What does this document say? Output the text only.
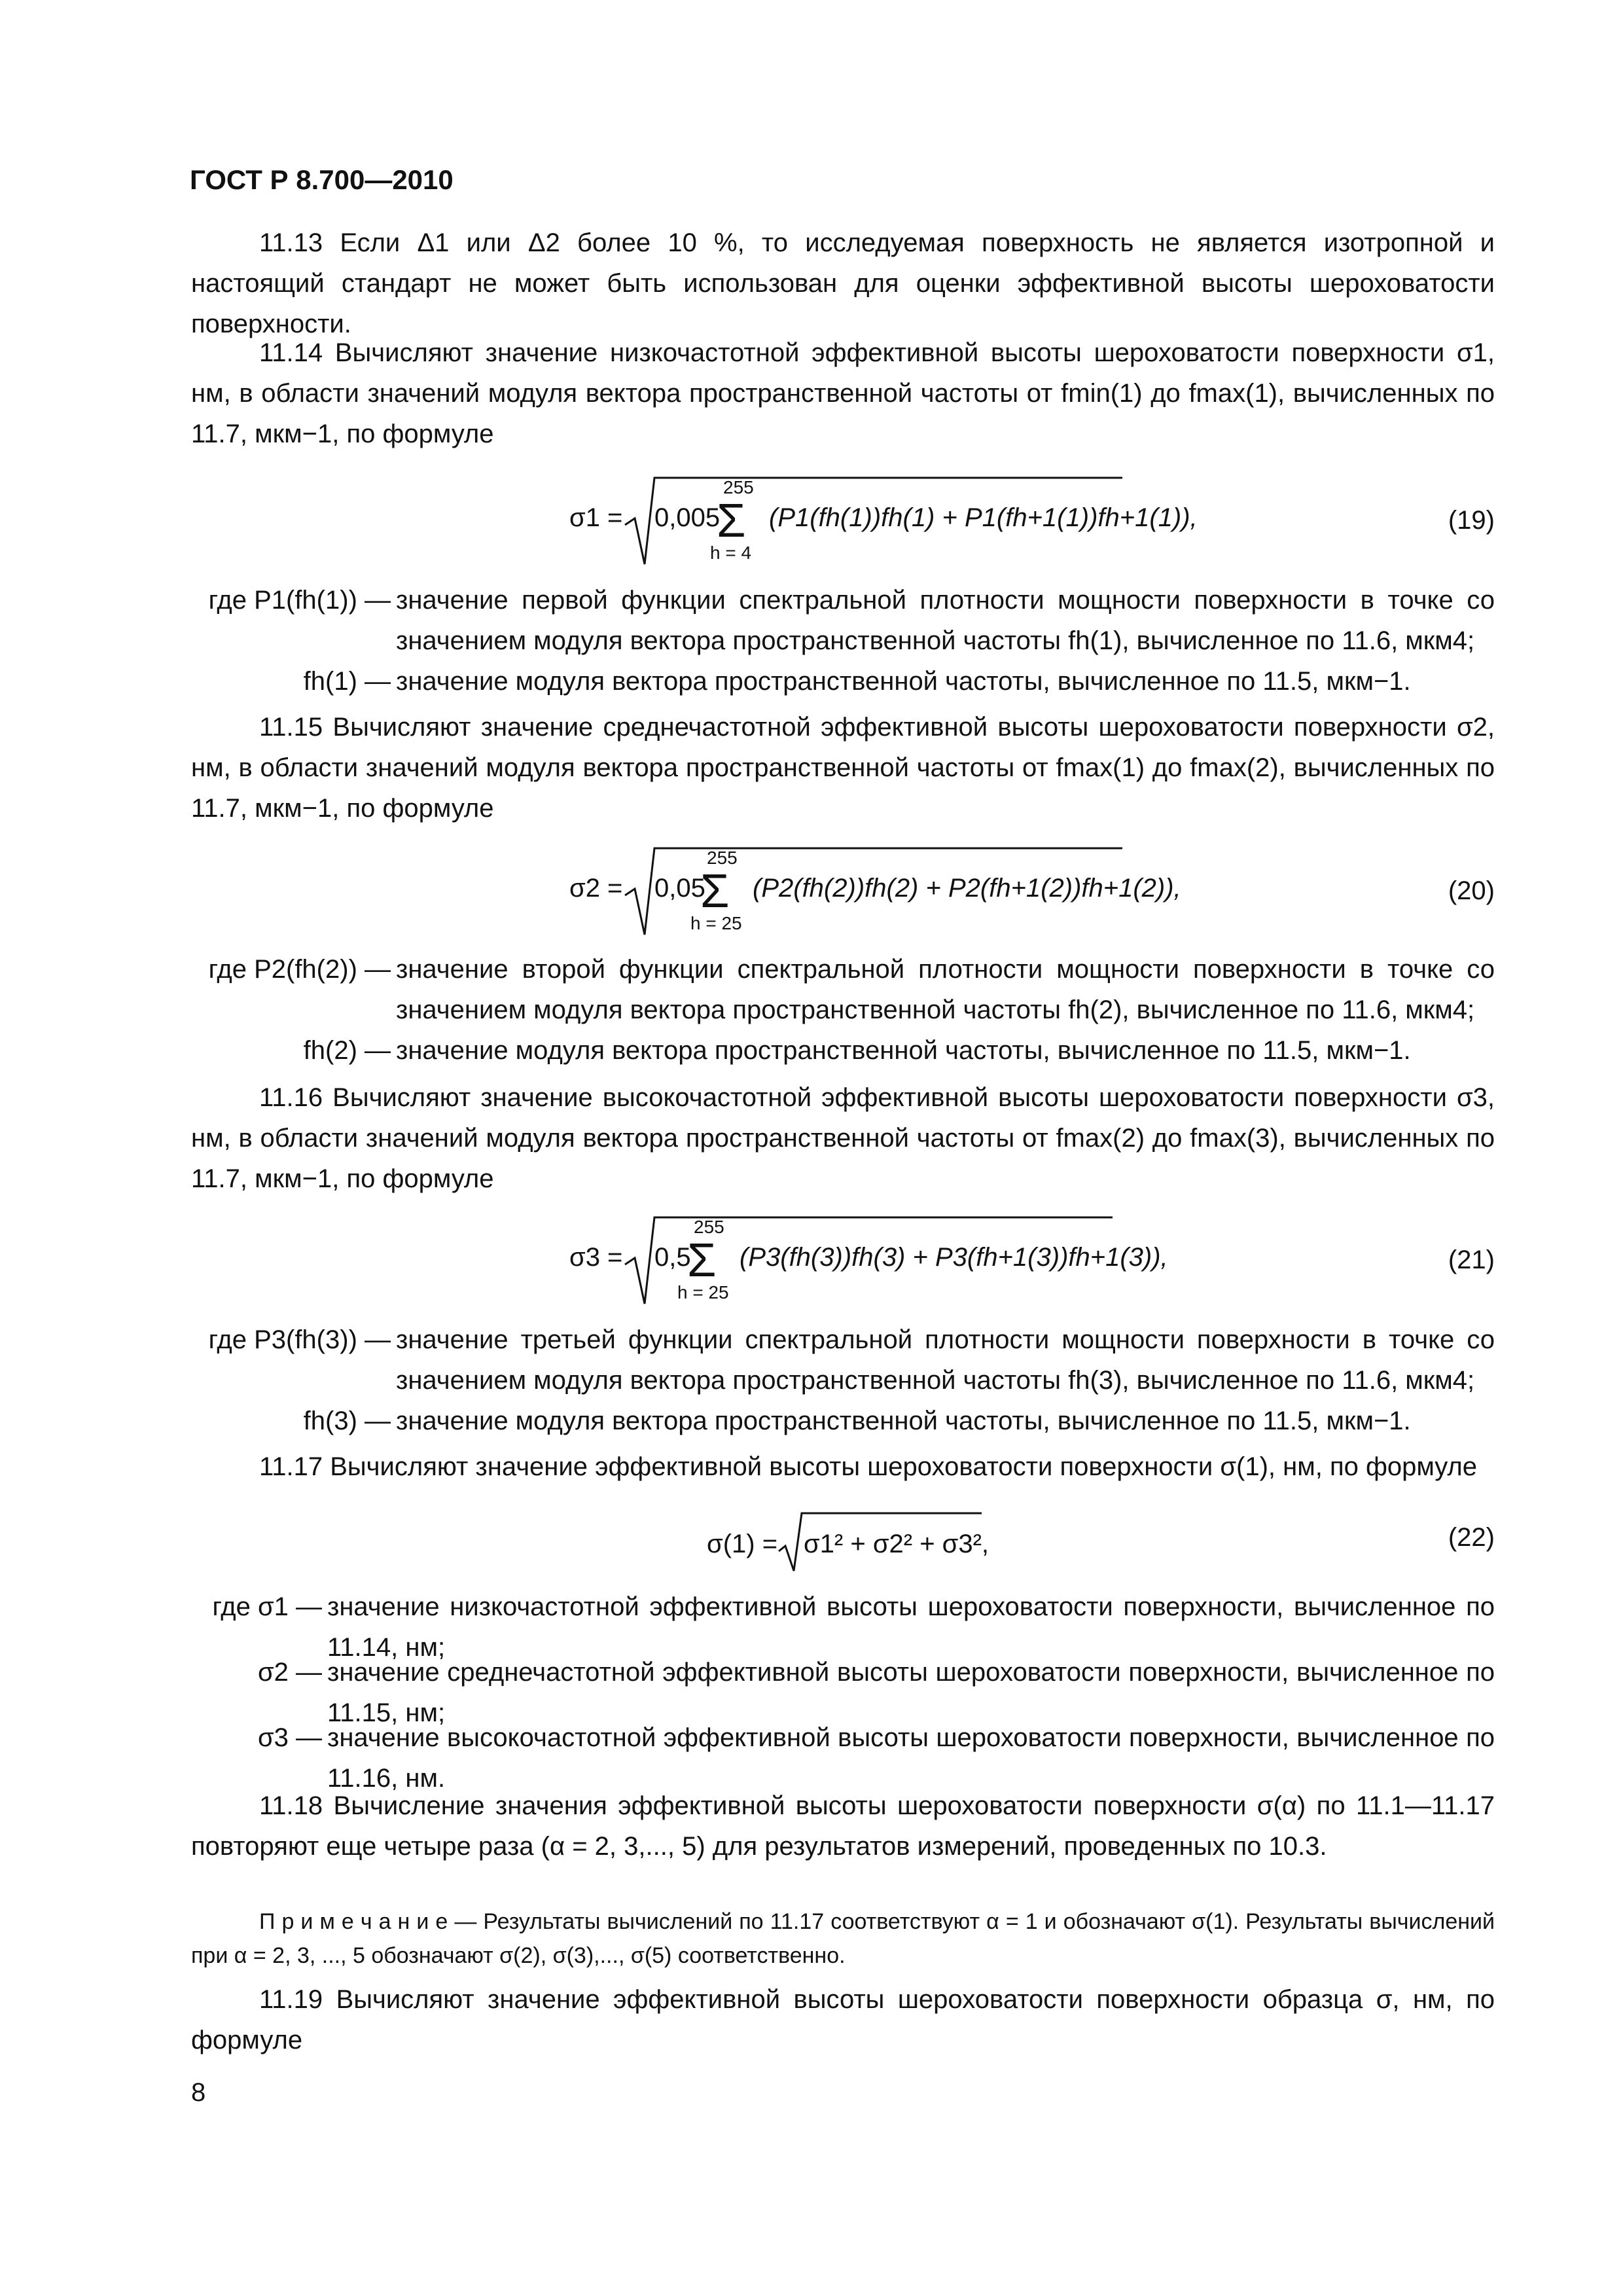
ГОСТ Р 8.700—2010
11.13 Если Δ1 или Δ2 более 10 %, то исследуемая поверхность не является изотропной и настоящий стандарт не может быть использован для оценки эффективной высоты шероховатости поверхности.
11.14 Вычисляют значение низкочастотной эффективной высоты шероховатости поверхности σ1, нм, в области значений модуля вектора пространственной частоты от fmin(1) до fmax(1), вычисленных по 11.7, мкм−1, по формуле
σ1 = 0,005
255
Σ
h = 4
(P1(fh(1))fh(1) + P1(fh+1(1))fh+1(1)),	(19)
где P1(fh(1)) — значение первой функции спектральной плотности мощности поверхности в точке со значением модуля вектора пространственной частоты fh(1), вычисленное по 11.6, мкм4;
fh(1) — значение модуля вектора пространственной частоты, вычисленное по 11.5, мкм−1.
11.15 Вычисляют значение среднечастотной эффективной высоты шероховатости поверхности σ2, нм, в области значений модуля вектора пространственной частоты от fmax(1) до fmax(2), вычисленных по 11.7, мкм−1, по формуле
σ2 = 0,05
255
Σ
h = 25
(P2(fh(2))fh(2) + P2(fh+1(2))fh+1(2)),	(20)
где P2(fh(2)) — значение второй функции спектральной плотности мощности поверхности в точке со значением модуля вектора пространственной частоты fh(2), вычисленное по 11.6, мкм4;
fh(2) — значение модуля вектора пространственной частоты, вычисленное по 11.5, мкм−1.
11.16 Вычисляют значение высокочастотной эффективной высоты шероховатости поверхности σ3, нм, в области значений модуля вектора пространственной частоты от fmax(2) до fmax(3), вычисленных по 11.7, мкм−1, по формуле
σ3 = 0,5
255
Σ
h = 25
(P3(fh(3))fh(3) + P3(fh+1(3))fh+1(3)),	(21)
где P3(fh(3)) — значение третьей функции спектральной плотности мощности поверхности в точке со значением модуля вектора пространственной частоты fh(3), вычисленное по 11.6, мкм4;
fh(3) — значение модуля вектора пространственной частоты, вычисленное по 11.5, мкм−1.
11.17 Вычисляют значение эффективной высоты шероховатости поверхности σ(1), нм, по формуле
σ(1) = σ1² + σ2² + σ3²,	(22)
где σ1 — значение низкочастотной эффективной высоты шероховатости поверхности, вычисленное по 11.14, нм;
σ2 — значение среднечастотной эффективной высоты шероховатости поверхности, вычисленное по 11.15, нм;
σ3 — значение высокочастотной эффективной высоты шероховатости поверхности, вычисленное по 11.16, нм.
11.18 Вычисление значения эффективной высоты шероховатости поверхности σ(α) по 11.1—11.17 повторяют еще четыре раза (α = 2, 3,..., 5) для результатов измерений, проведенных по 10.3.
П р и м е ч а н и е — Результаты вычислений по 11.17 соответствуют α = 1 и обозначают σ(1). Результаты вычислений при α = 2, 3, ..., 5 обозначают σ(2), σ(3),..., σ(5) соответственно.
11.19 Вычисляют значение эффективной высоты шероховатости поверхности образца σ, нм, по формуле
8
